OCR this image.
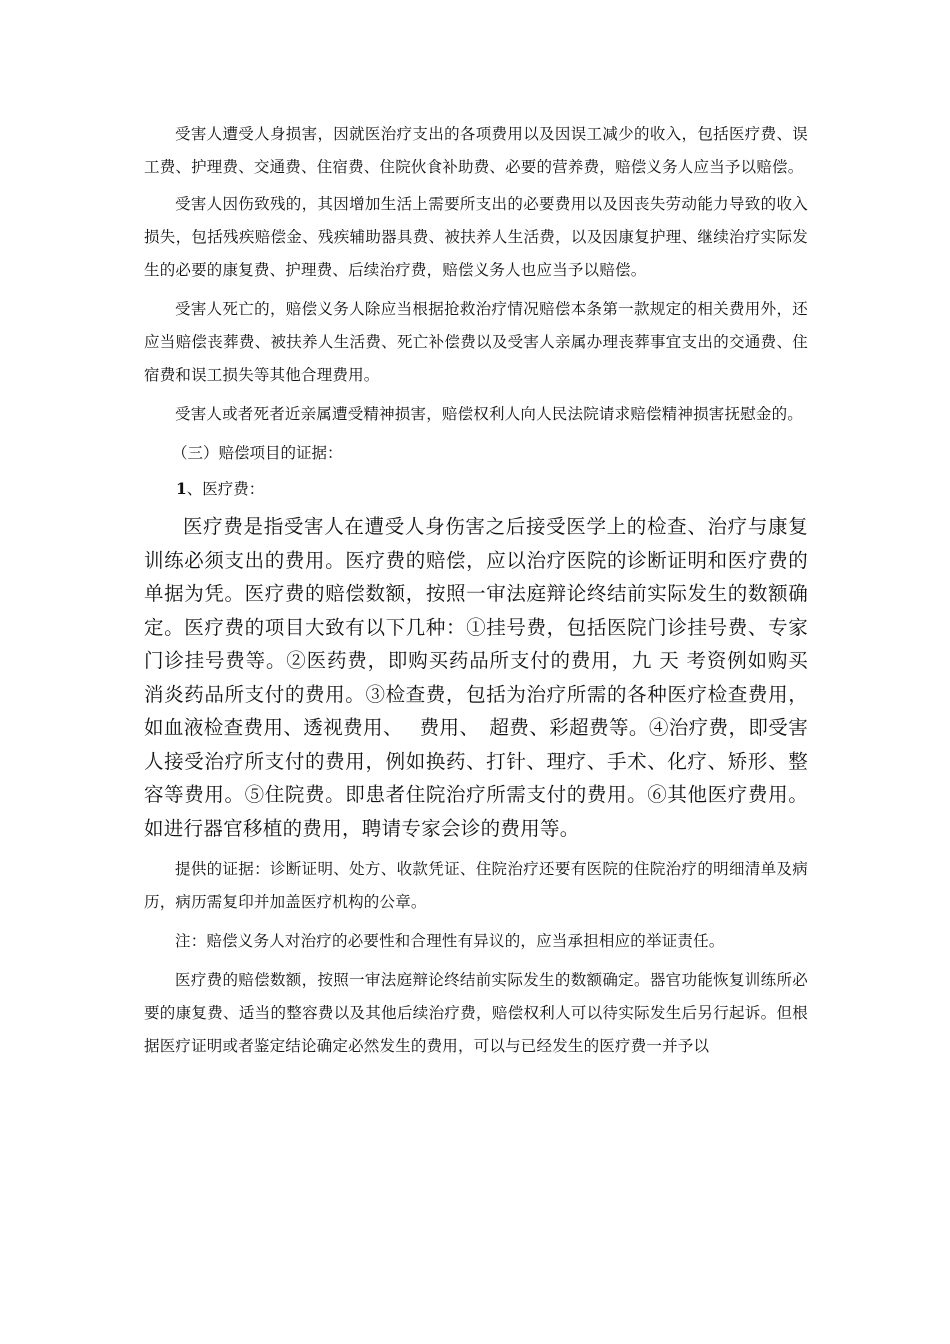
受害人遭受人身损害，因就医治疗支出的各项费用以及因误工减少的收入，包括医疗费、误工费、护理费、交通费、住宿费、住院伙食补助费、必要的营养费，赔偿义务人应当予以赔偿。

受害人因伤致残的，其因增加生活上需要所支出的必要费用以及因丧失劳动能力导致的收入损失，包括残疾赔偿金、残疾辅助器具费、被扶养人生活费，以及因康复护理、继续治疗实际发生的必要的康复费、护理费、后续治疗费，赔偿义务人也应当予以赔偿。

受害人死亡的，赔偿义务人除应当根据抢救治疗情况赔偿本条第一款规定的相关费用外，还应当赔偿丧葬费、被扶养人生活费、死亡补偿费以及受害人亲属办理丧葬事宜支出的交通费、住宿费和误工损失等其他合理费用。

受害人或者死者近亲属遭受精神损害，赔偿权利人向人民法院请求赔偿精神损害抚慰金的。

（三）赔偿项目的证据：

1、医疗费：

医疗费是指受害人在遭受人身伤害之后接受医学上的检查、治疗与康复训练必须支出的费用。医疗费的赔偿，应以治疗医院的诊断证明和医疗费的单据为凭。医疗费的赔偿数额，按照一审法庭辩论终结前实际发生的数额确定。医疗费的项目大致有以下几种：①挂号费，包括医院门诊挂号费、专家门诊挂号费等。②医药费，即购买药品所支付的费用，九 天 考资例如购买消炎药品所支付的费用。③检查费，包括为治疗所需的各种医疗检查费用，如血液检查费用、透视费用、　 费用、　超费、彩超费等。④治疗费，即受害人接受治疗所支付的费用，例如换药、打针、理疗、手术、化疗、矫形、整容等费用。⑤住院费。即患者住院治疗所需支付的费用。⑥其他医疗费用。如进行器官移植的费用，聘请专家会诊的费用等。

提供的证据：诊断证明、处方、收款凭证、住院治疗还要有医院的住院治疗的明细清单及病历，病历需复印并加盖医疗机构的公章。

注：赔偿义务人对治疗的必要性和合理性有异议的，应当承担相应的举证责任。

医疗费的赔偿数额，按照一审法庭辩论终结前实际发生的数额确定。器官功能恢复训练所必要的康复费、适当的整容费以及其他后续治疗费，赔偿权利人可以待实际发生后另行起诉。但根据医疗证明或者鉴定结论确定必然发生的费用，可以与已经发生的医疗费一并予以
